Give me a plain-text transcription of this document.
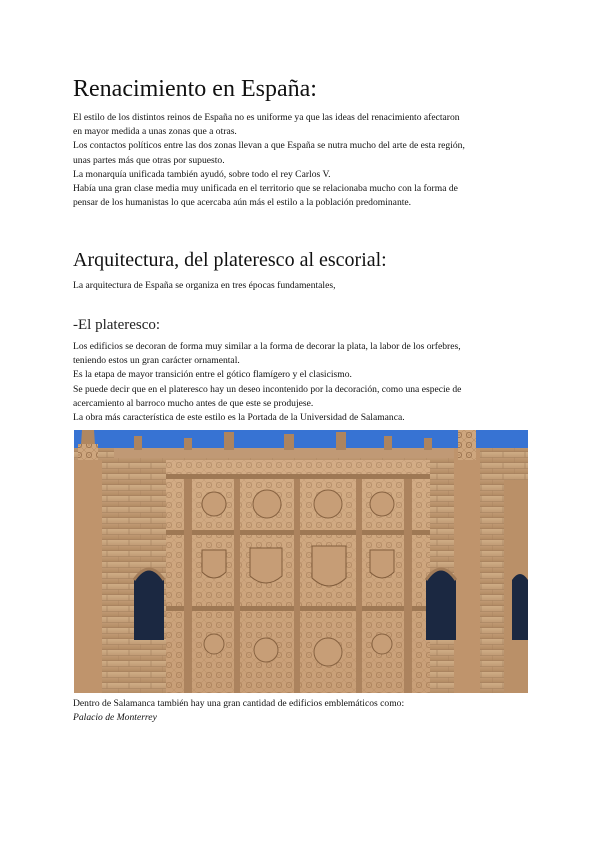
Renacimiento en España:
El estilo de los distintos reinos de España no es uniforme ya que las ideas del renacimiento afectaron
en mayor medida a unas zonas que a otras.
Los contactos políticos entre las dos zonas llevan a que España se nutra mucho del arte de esta región,
unas partes más que otras por supuesto.
La monarquía unificada también ayudó, sobre todo el rey Carlos V.
Había una gran clase media muy unificada en el territorio que se relacionaba mucho con la forma de
pensar de los humanistas lo que acercaba aún más el estilo a la población predominante.
Arquitectura, del plateresco al escorial:
La arquitectura de España se organiza en tres épocas fundamentales,
-El plateresco:
Los edificios se decoran de forma muy similar a la forma de decorar la plata, la labor de los orfebres,
teniendo estos un gran carácter ornamental.
Es la etapa de mayor transición entre el gótico flamígero y el clasicismo.
Se puede decir que en el plateresco hay un deseo incontenido por la decoración, como una especie de
acercamiento al barroco mucho antes de que este se produjese.
La obra más característica de este estilo es la Portada de la Universidad de Salamanca.
Dentro de Salamanca también hay una gran cantidad de edificios emblemáticos como:
Palacio de Monterrey
